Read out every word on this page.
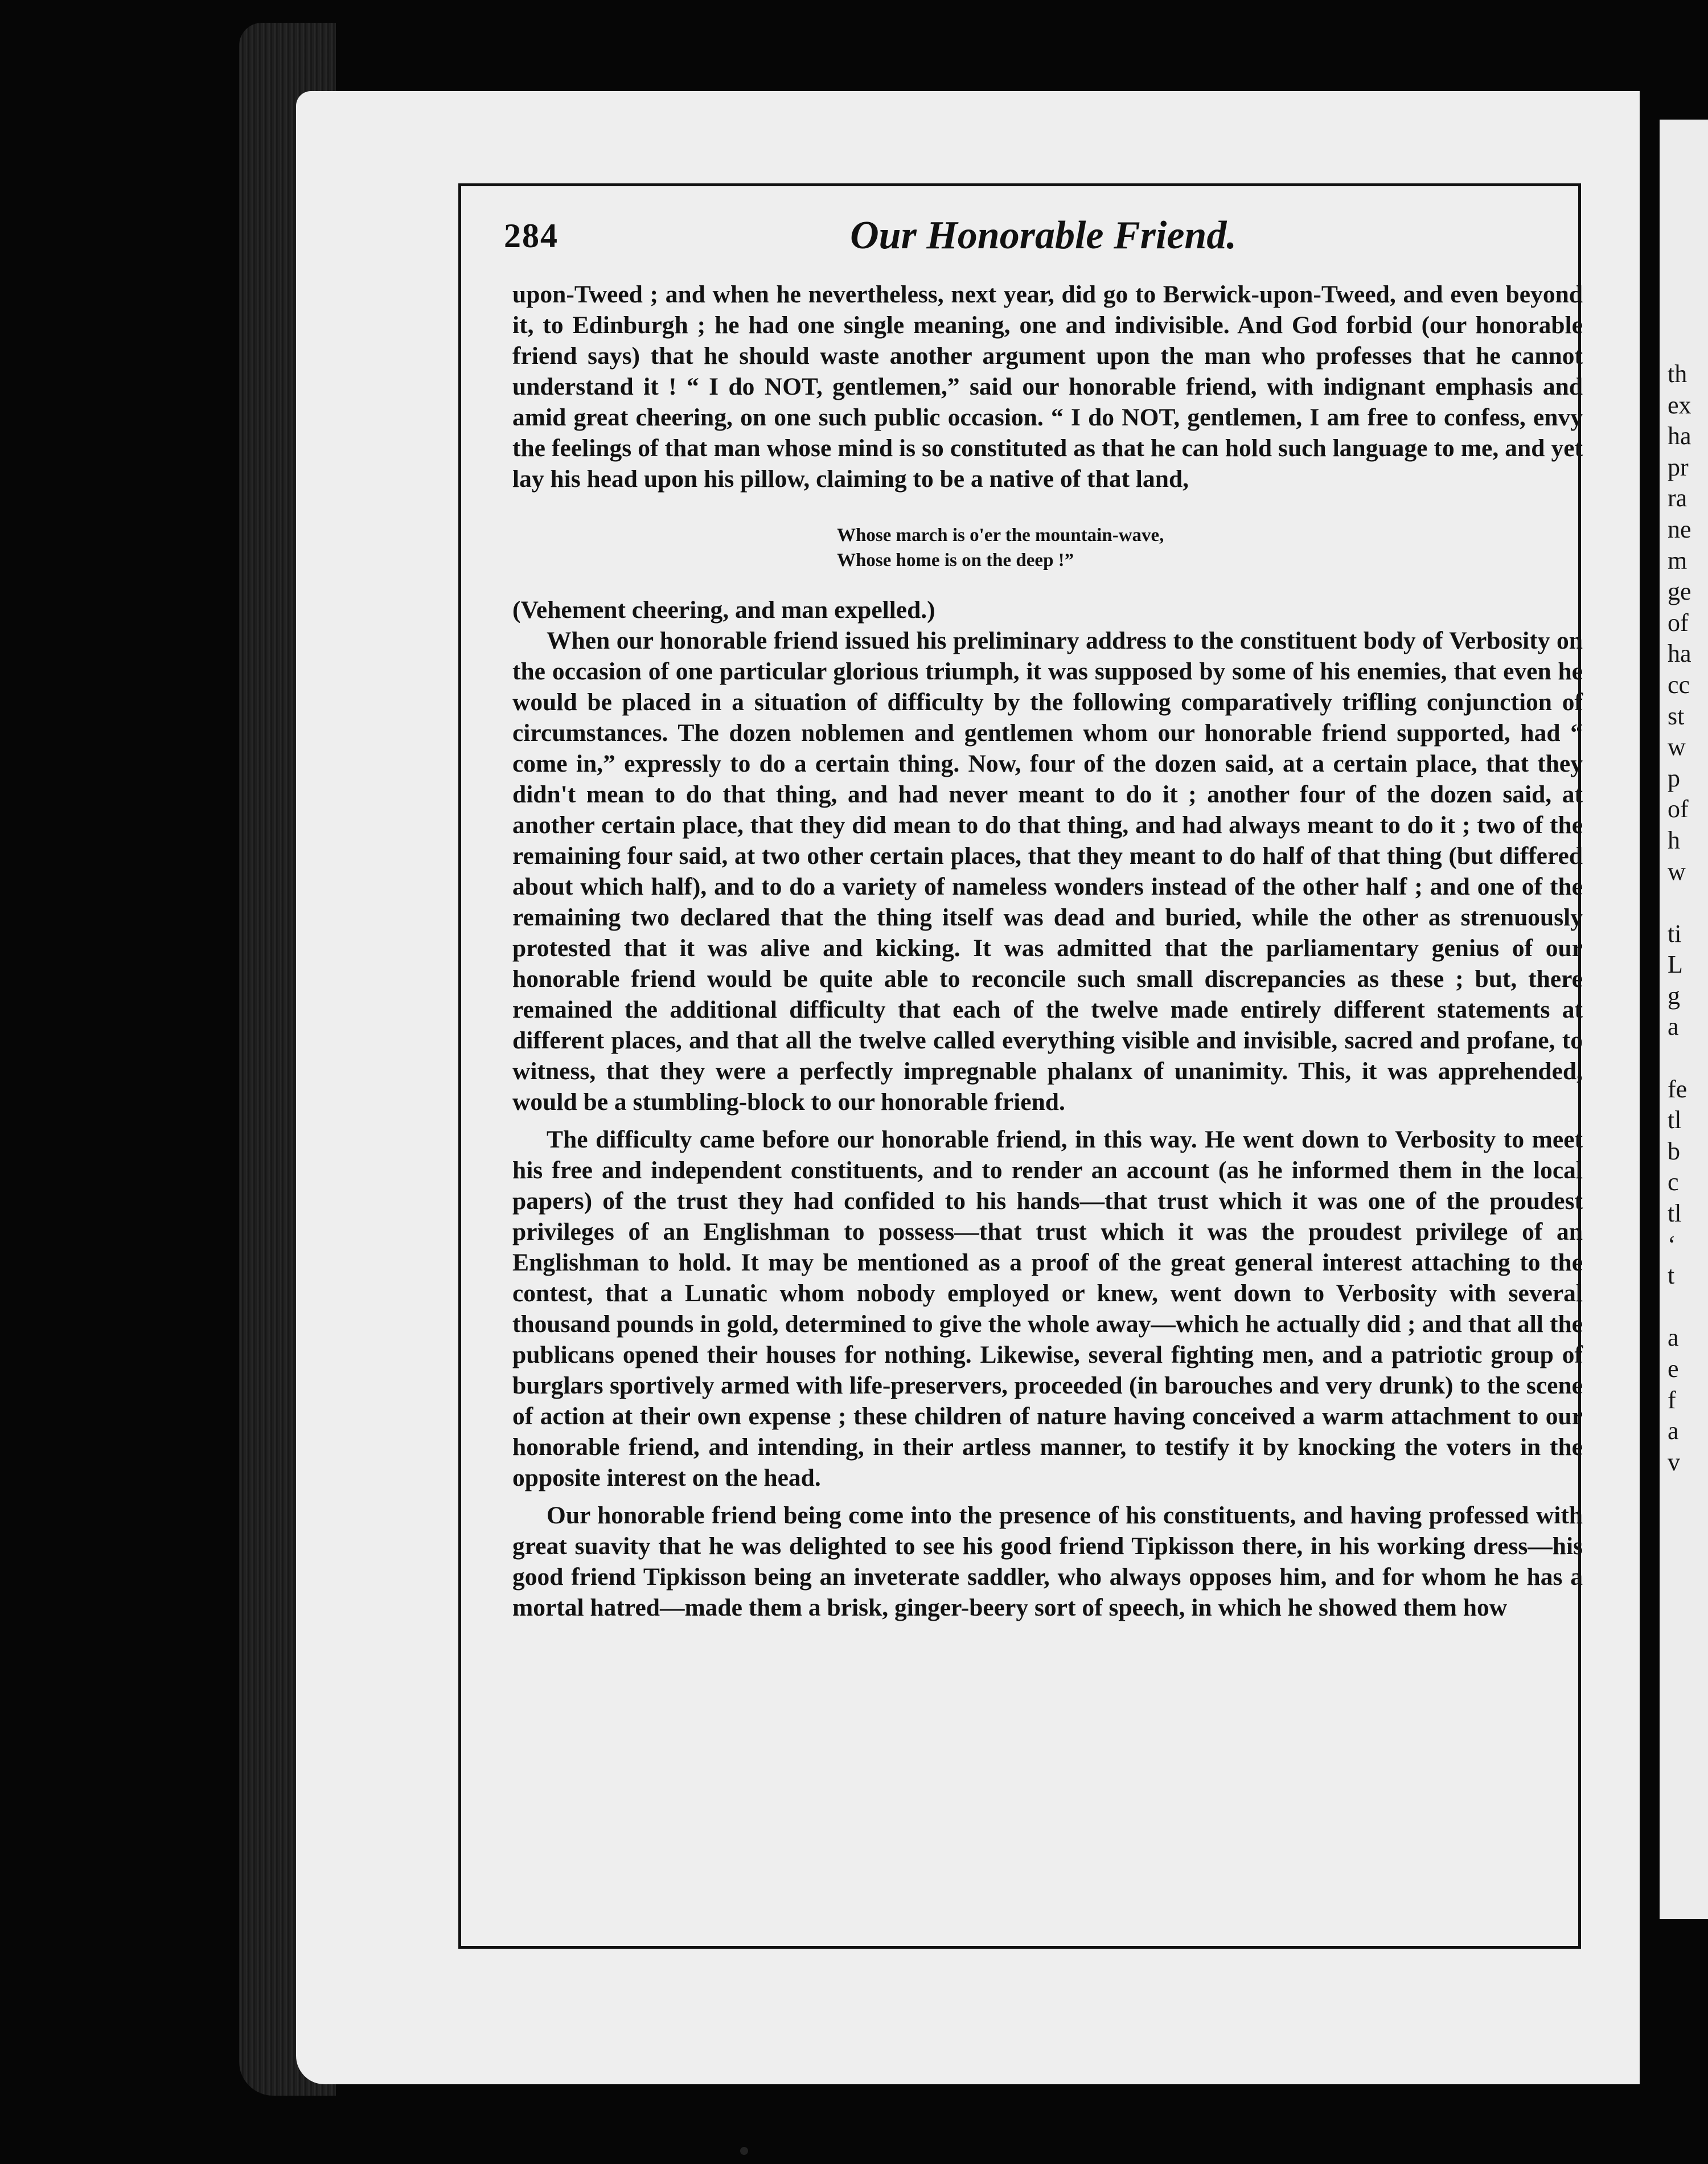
th
ex
ha
pr
ra
ne
m
ge
of
ha
cc
st
w
p
of
h
w

ti
L
g
a

fe
tl
b
c
tl
‘
t

a
e
f
a
v
284	Our Honorable Friend.

upon-Tweed ; and when he nevertheless, next year, did go to Berwick-upon-Tweed, and even beyond it, to Edinburgh ; he had one single meaning, one and indivisible. And God forbid (our honorable friend says) that he should waste another argument upon the man who professes that he cannot understand it ! “ I do NOT, gentlemen,” said our honorable friend, with indignant emphasis and amid great cheering, on one such public occasion. “ I do NOT, gentlemen, I am free to confess, envy the feelings of that man whose mind is so constituted as that he can hold such language to me, and yet lay his head upon his pillow, claiming to be a native of that land,

Whose march is o'er the mountain-wave,
Whose home is on the deep !”

(Vehement cheering, and man expelled.)

When our honorable friend issued his preliminary address to the constituent body of Verbosity on the occasion of one particular glorious triumph, it was supposed by some of his enemies, that even he would be placed in a situation of difficulty by the following comparatively trifling conjunction of circumstances. The dozen noblemen and gentlemen whom our honorable friend supported, had “ come in,” expressly to do a certain thing. Now, four of the dozen said, at a certain place, that they didn't mean to do that thing, and had never meant to do it ; another four of the dozen said, at another certain place, that they did mean to do that thing, and had always meant to do it ; two of the remaining four said, at two other certain places, that they meant to do half of that thing (but differed about which half), and to do a variety of nameless wonders instead of the other half ; and one of the remaining two declared that the thing itself was dead and buried, while the other as strenuously protested that it was alive and kicking. It was admitted that the parliamentary genius of our honorable friend would be quite able to reconcile such small discrepancies as these ; but, there remained the additional difficulty that each of the twelve made entirely different statements at different places, and that all the twelve called everything visible and invisible, sacred and profane, to witness, that they were a perfectly impregnable phalanx of unanimity. This, it was apprehended, would be a stumbling-block to our honorable friend.

The difficulty came before our honorable friend, in this way. He went down to Verbosity to meet his free and independent constituents, and to render an account (as he informed them in the local papers) of the trust they had confided to his hands—that trust which it was one of the proudest privileges of an Englishman to possess—that trust which it was the proudest privilege of an Englishman to hold. It may be mentioned as a proof of the great general interest attaching to the contest, that a Lunatic whom nobody employed or knew, went down to Verbosity with several thousand pounds in gold, determined to give the whole away—which he actually did ; and that all the publicans opened their houses for nothing. Likewise, several fighting men, and a patriotic group of burglars sportively armed with life-preservers, proceeded (in barouches and very drunk) to the scene of action at their own expense ; these children of nature having conceived a warm attachment to our honorable friend, and intending, in their artless manner, to testify it by knocking the voters in the opposite interest on the head.

Our honorable friend being come into the presence of his constituents, and having professed with great suavity that he was delighted to see his good friend Tipkisson there, in his working dress—his good friend Tipkisson being an inveterate saddler, who always opposes him, and for whom he has a mortal hatred—made them a brisk, ginger-beery sort of speech, in which he showed them how
